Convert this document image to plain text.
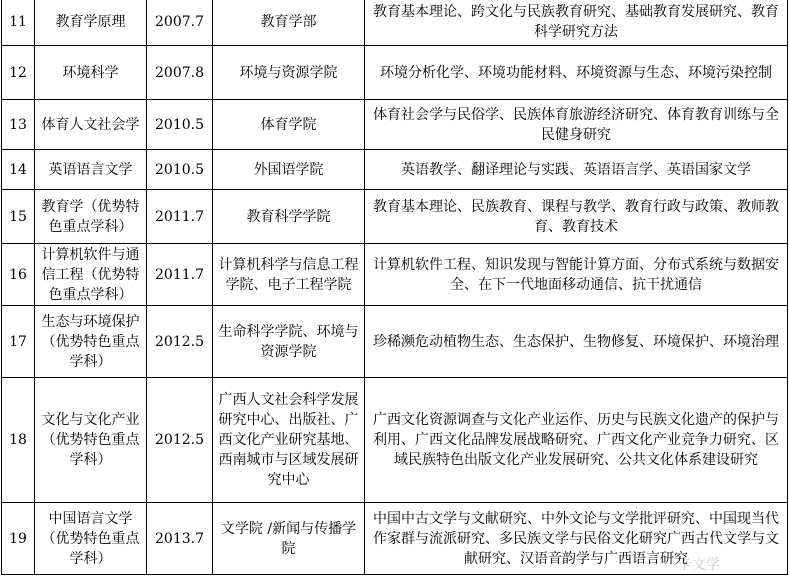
11	教育学原理	2007.7	教育学部	教育基本理论、跨文化与民族教育研究、基础教育发展研究、教育科学研究方法
12	环境科学	2007.8	环境与资源学院	环境分析化学、环境功能材料、环境资源与生态、环境污染控制
13	体育人文社会学	2010.5	体育学院	体育社会学与民俗学、民族体育旅游经济研究、体育教育训练与全民健身研究
14	英语语言文学	2010.5	外国语学院	英语教学、翻译理论与实践、英语语言学、英语国家文学
15	教育学（优势特色重点学科）	2011.7	教育科学学院	教育基本理论、民族教育、课程与教学、教育行政与政策、教师教育、教育技术
16	计算机软件与通信工程（优势特色重点学科）	2011.7	计算机科学与信息工程学院、电子工程学院	计算机软件工程、知识发现与智能计算方面、分布式系统与数据安全、在下一代地面移动通信、抗干扰通信
17	生态与环境保护（优势特色重点学科）	2012.5	生命科学学院、环境与资源学院	珍稀濒危动植物生态、生态保护、生物修复、环境保护、环境治理
18	文化与文化产业（优势特色重点学科）	2012.5	广西人文社会科学发展研究中心、出版社、广西文化产业研究基地、西南城市与区域发展研究中心	广西文化资源调查与文化产业运作、历史与民族文化遗产的保护与利用、广西文化品牌发展战略研究、广西文化产业竞争力研究、区域民族特色出版文化产业发展研究、公共文化体系建设研究
19	中国语言文学（优势特色重点学科）	2013.7	文学院 /新闻与传播学院	中国中古文学与文献研究、中外文论与文学批评研究、中国现当代作家群与流派研究、多民族文学与民俗文化研究广西古代文学与文献研究、汉语音韵学与广西语言研究
卡文学
